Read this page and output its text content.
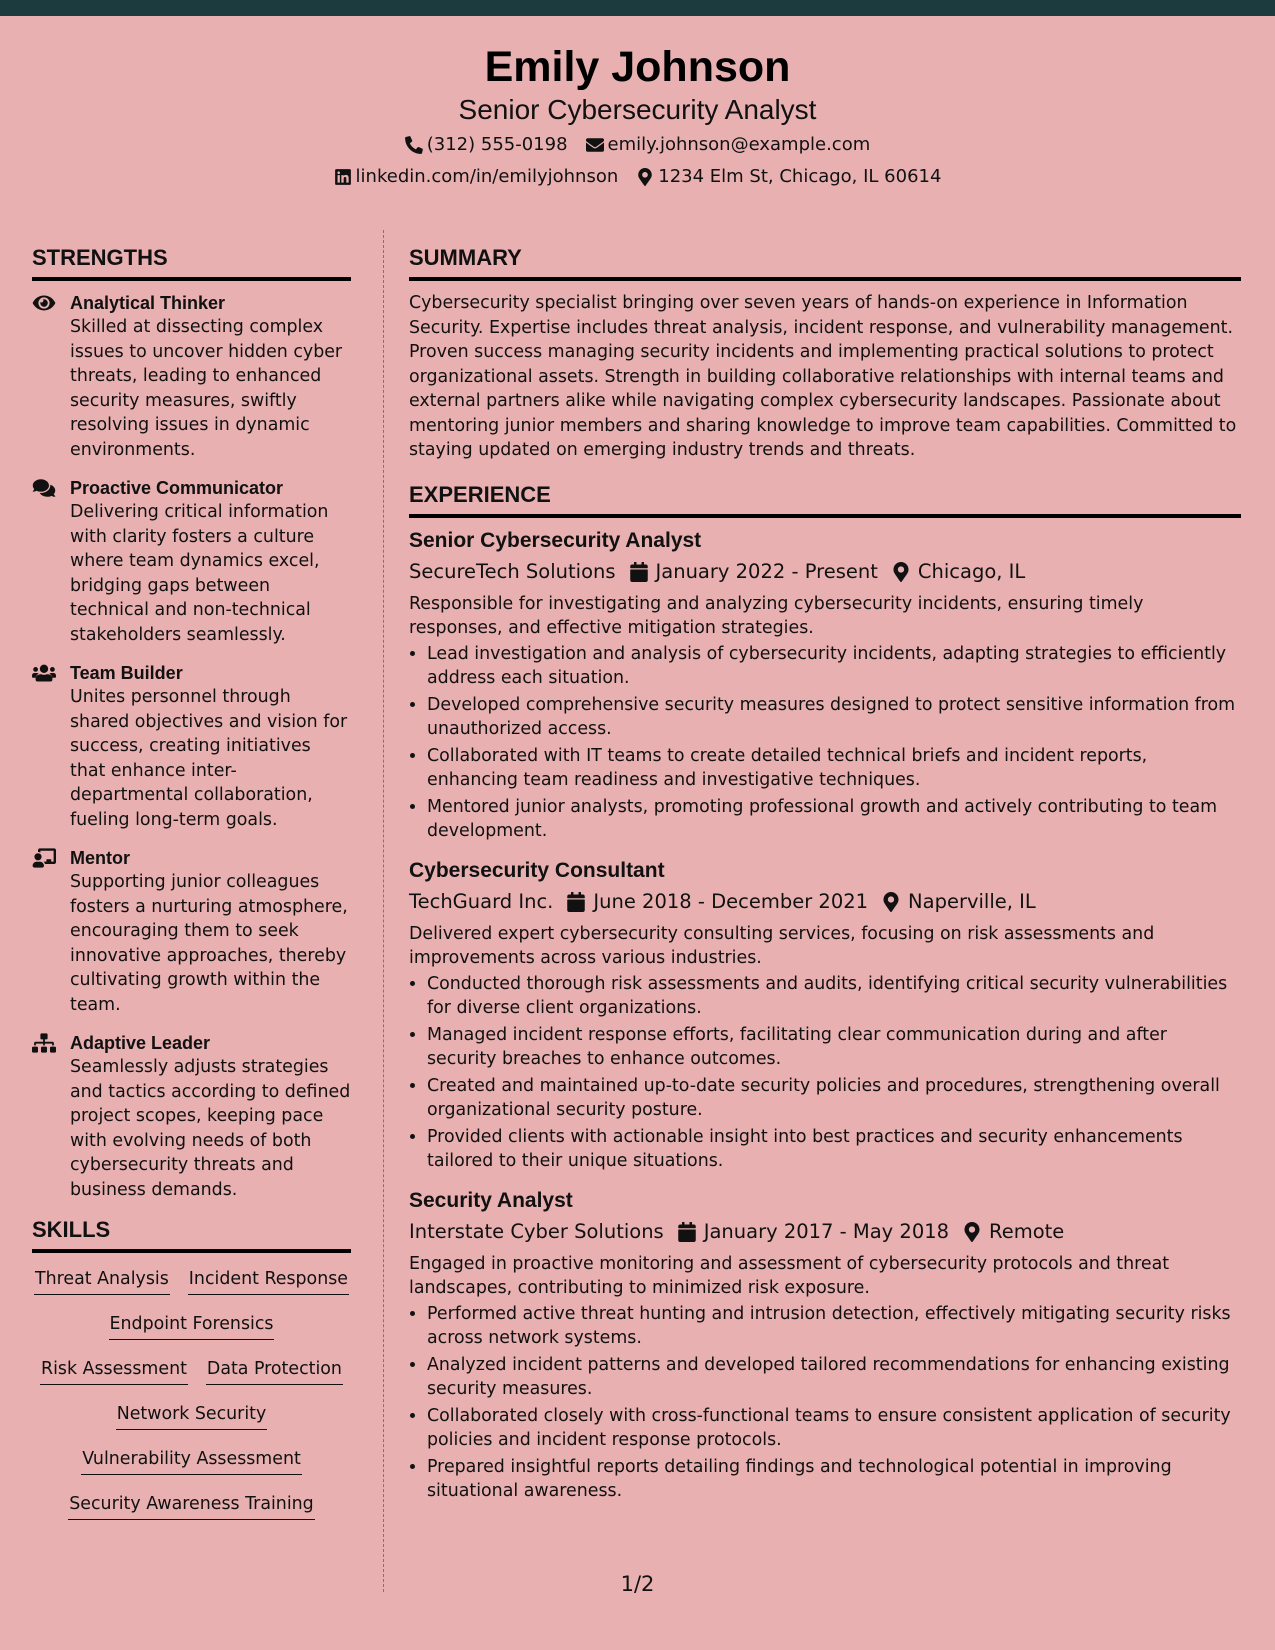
Emily Johnson
Senior Cybersecurity Analyst
(312) 555-0198 emily.johnson@example.com
linkedin.com/in/emilyjohnson 1234 Elm St, Chicago, IL 60614
STRENGTHS
Analytical Thinker
Skilled at dissecting complex issues to uncover hidden cyber threats, leading to enhanced security measures, swiftly resolving issues in dynamic environments.
Proactive Communicator
Delivering critical information with clarity fosters a culture where team dynamics excel, bridging gaps between technical and non-technical stakeholders seamlessly.
Team Builder
Unites personnel through shared objectives and vision for success, creating initiatives that enhance inter-departmental collaboration, fueling long-term goals.
Mentor
Supporting junior colleagues fosters a nurturing atmosphere, encouraging them to seek innovative approaches, thereby cultivating growth within the team.
Adaptive Leader
Seamlessly adjusts strategies and tactics according to defined project scopes, keeping pace with evolving needs of both cybersecurity threats and business demands.
SKILLS
Threat Analysis Incident Response
Endpoint Forensics
Risk Assessment Data Protection
Network Security
Vulnerability Assessment
Security Awareness Training
SUMMARY

Cybersecurity specialist bringing over seven years of hands-on experience in Information Security. Expertise includes threat analysis, incident response, and vulnerability management. Proven success managing security incidents and implementing practical solutions to protect organizational assets. Strength in building collaborative relationships with internal teams and external partners alike while navigating complex cybersecurity landscapes. Passionate about mentoring junior members and sharing knowledge to improve team capabilities. Committed to staying updated on emerging industry trends and threats.

EXPERIENCE
Senior Cybersecurity Analyst
SecureTech Solutions January 2022 - Present Chicago, IL
Responsible for investigating and analyzing cybersecurity incidents, ensuring timely responses, and effective mitigation strategies.
• Lead investigation and analysis of cybersecurity incidents, adapting strategies to efficiently address each situation.
• Developed comprehensive security measures designed to protect sensitive information from unauthorized access.
• Collaborated with IT teams to create detailed technical briefs and incident reports, enhancing team readiness and investigative techniques.
• Mentored junior analysts, promoting professional growth and actively contributing to team development.
Cybersecurity Consultant
TechGuard Inc. June 2018 - December 2021 Naperville, IL
Delivered expert cybersecurity consulting services, focusing on risk assessments and improvements across various industries.
• Conducted thorough risk assessments and audits, identifying critical security vulnerabilities for diverse client organizations.
• Managed incident response efforts, facilitating clear communication during and after security breaches to enhance outcomes.
• Created and maintained up-to-date security policies and procedures, strengthening overall organizational security posture.
• Provided clients with actionable insight into best practices and security enhancements tailored to their unique situations.
Security Analyst
Interstate Cyber Solutions January 2017 - May 2018 Remote
Engaged in proactive monitoring and assessment of cybersecurity protocols and threat landscapes, contributing to minimized risk exposure.
• Performed active threat hunting and intrusion detection, effectively mitigating security risks across network systems.
• Analyzed incident patterns and developed tailored recommendations for enhancing existing security measures.
• Collaborated closely with cross-functional teams to ensure consistent application of security policies and incident response protocols.
• Prepared insightful reports detailing findings and technological potential in improving situational awareness.
1/2
